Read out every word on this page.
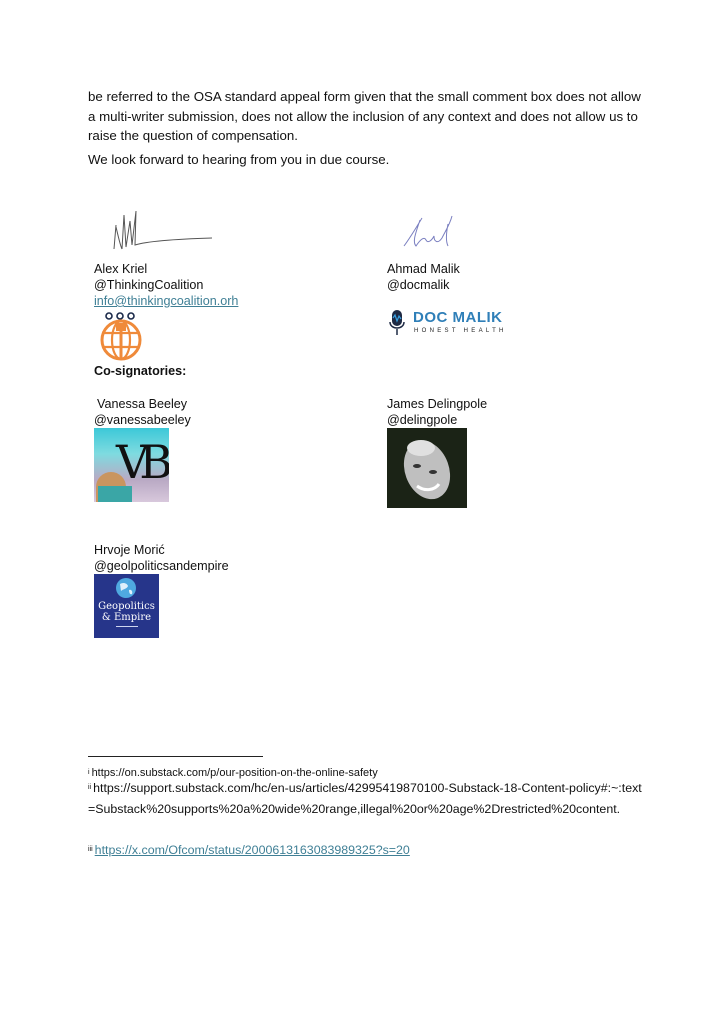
be referred to the OSA standard appeal form given that the small comment box does not allow a multi-writer submission, does not allow the inclusion of any context and does not allow us to raise the question of compensation.
We look forward to hearing from you in due course.
Alex Kriel
@ThinkingCoalition
info@thinkingcoalition.orh
Ahmad Malik
@docmalik
DOC MALIK
HONEST HEALTH
Co-signatories:
Vanessa Beeley
@vanessabeeley
VB
James Delingpole
@delingpole
Hrvoje Morić
@geolpoliticsandempire
Geopolitics
& Empire
$^i$ https://on.substack.com/p/our-position-on-the-online-safety
$^{ii}$ https://support.substack.com/hc/en-us/articles/42995419870100-Substack-18-Content-policy#:~:text=Substack%20supports%20a%20wide%20range,illegal%20or%20age%2Drestricted%20content.
$^{iii}$ https://x.com/Ofcom/status/2000613163083989325?s=20
